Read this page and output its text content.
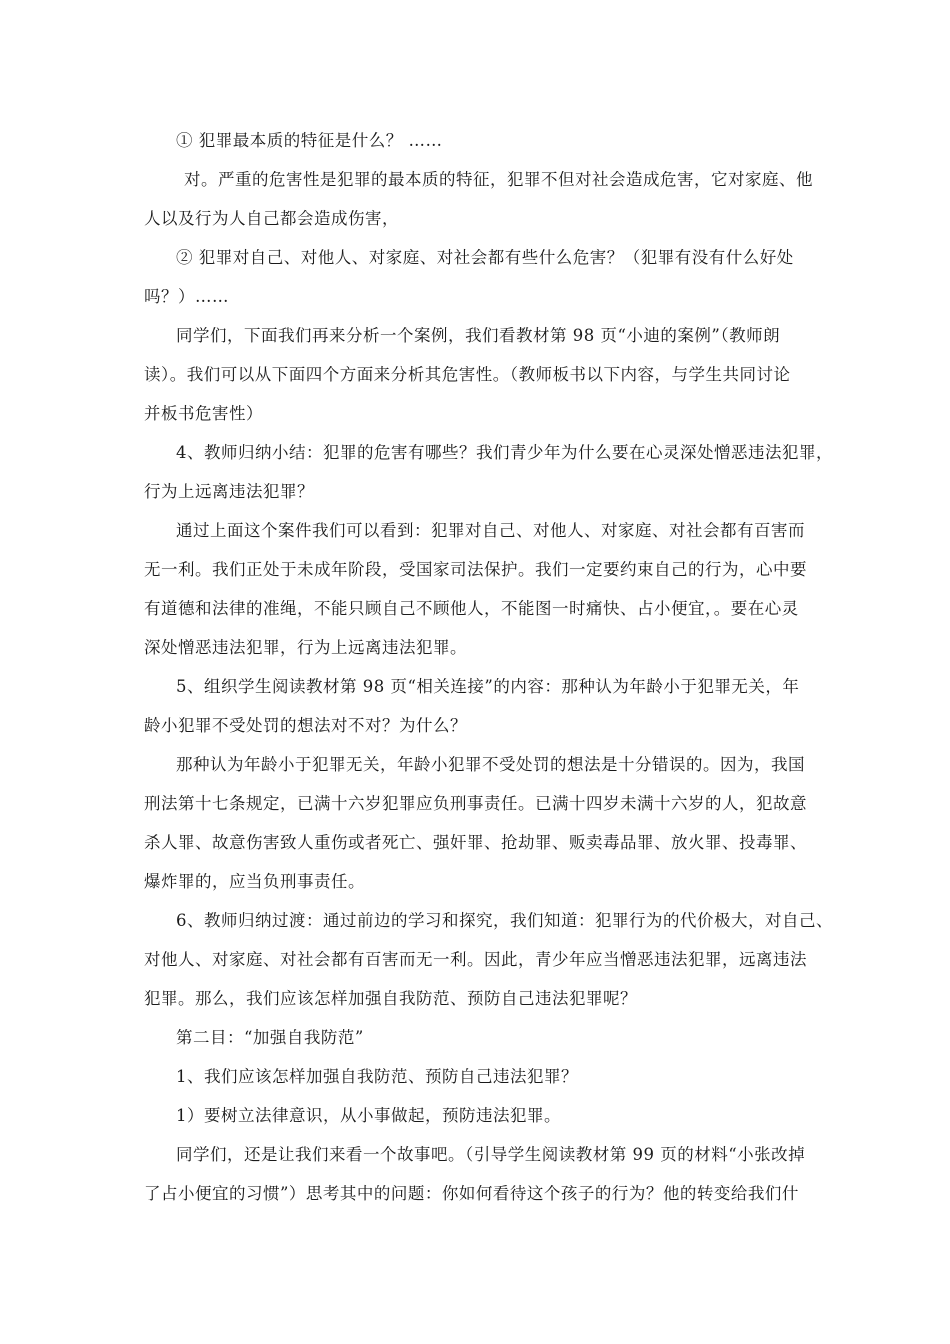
① 犯罪最本质的特征是什么？ ……
对。严重的危害性是犯罪的最本质的特征，犯罪不但对社会造成危害，它对家庭、他
人以及行为人自己都会造成伤害，
② 犯罪对自己、对他人、对家庭、对社会都有些什么危害？（犯罪有没有什么好处
吗？）……
同学们，下面我们再来分析一个案例，我们看教材第 98 页“小迪的案例”（教师朗
读）。我们可以从下面四个方面来分析其危害性。（教师板书以下内容，与学生共同讨论
并板书危害性）
4、教师归纳小结：犯罪的危害有哪些？我们青少年为什么要在心灵深处憎恶违法犯罪，
行为上远离违法犯罪？
通过上面这个案件我们可以看到：犯罪对自己、对他人、对家庭、对社会都有百害而
无一利。我们正处于未成年阶段，受国家司法保护。我们一定要约束自己的行为，心中要
有道德和法律的准绳，不能只顾自己不顾他人，不能图一时痛快、占小便宜，。要在心灵
深处憎恶违法犯罪，行为上远离违法犯罪。
5、组织学生阅读教材第 98 页“相关连接”的内容：那种认为年龄小于犯罪无关，年
龄小犯罪不受处罚的想法对不对？为什么？
那种认为年龄小于犯罪无关，年龄小犯罪不受处罚的想法是十分错误的。因为，我国
刑法第十七条规定，已满十六岁犯罪应负刑事责任。已满十四岁未满十六岁的人，犯故意
杀人罪、故意伤害致人重伤或者死亡、强奸罪、抢劫罪、贩卖毒品罪、放火罪、投毒罪、
爆炸罪的，应当负刑事责任。
6、教师归纳过渡：通过前边的学习和探究，我们知道：犯罪行为的代价极大，对自己、
对他人、对家庭、对社会都有百害而无一利。因此，青少年应当憎恶违法犯罪，远离违法
犯罪。那么，我们应该怎样加强自我防范、预防自己违法犯罪呢？
第二目：“加强自我防范”
1、我们应该怎样加强自我防范、预防自己违法犯罪？
1）要树立法律意识，从小事做起，预防违法犯罪。
同学们，还是让我们来看一个故事吧。（引导学生阅读教材第 99 页的材料“小张改掉
了占小便宜的习惯”）思考其中的问题：你如何看待这个孩子的行为？他的转变给我们什
